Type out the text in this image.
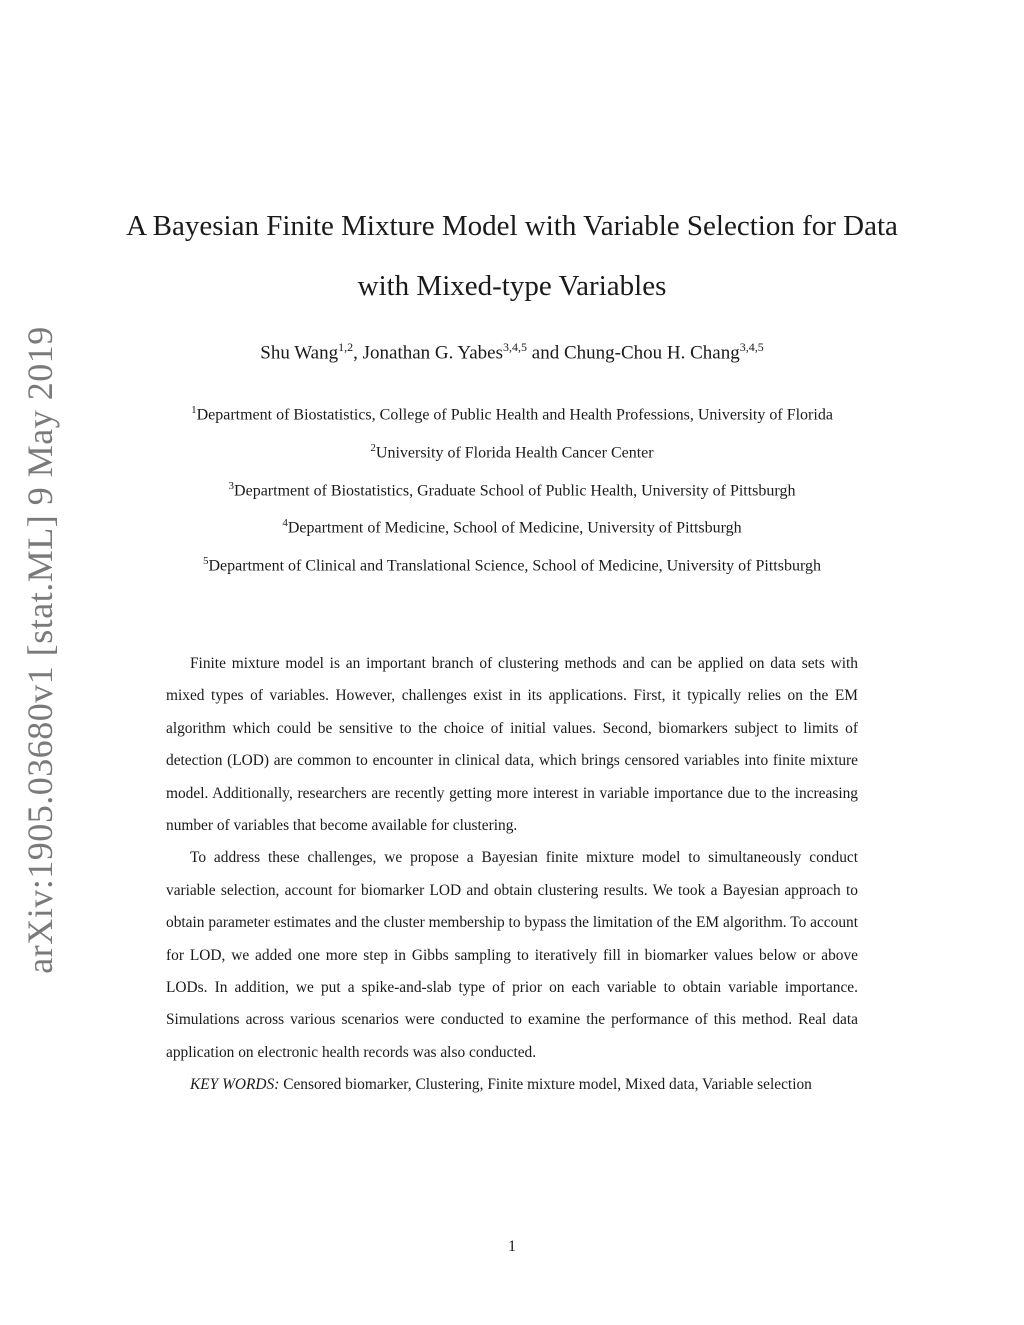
arXiv:1905.03680v1 [stat.ML] 9 May 2019
A Bayesian Finite Mixture Model with Variable Selection for Data
with Mixed-type Variables
Shu Wang$^{1,2}$, Jonathan G. Yabes$^{3,4,5}$ and Chung-Chou H. Chang$^{3,4,5}$
$^1$Department of Biostatistics, College of Public Health and Health Professions, University of Florida
$^2$University of Florida Health Cancer Center
$^3$Department of Biostatistics, Graduate School of Public Health, University of Pittsburgh
$^4$Department of Medicine, School of Medicine, University of Pittsburgh
$^5$Department of Clinical and Translational Science, School of Medicine, University of Pittsburgh

Finite mixture model is an important branch of clustering methods and can be applied on data sets with mixed types of variables. However, challenges exist in its applications. First, it typically relies on the EM algorithm which could be sensitive to the choice of initial values. Second, biomarkers subject to limits of detection (LOD) are common to encounter in clinical data, which brings censored variables into finite mixture model. Additionally, researchers are recently getting more interest in variable importance due to the increasing number of variables that become available for clustering.

To address these challenges, we propose a Bayesian finite mixture model to simultaneously conduct variable selection, account for biomarker LOD and obtain clustering results. We took a Bayesian approach to obtain parameter estimates and the cluster membership to bypass the limitation of the EM algorithm. To account for LOD, we added one more step in Gibbs sampling to iteratively fill in biomarker values below or above LODs. In addition, we put a spike-and-slab type of prior on each variable to obtain variable importance. Simulations across various scenarios were conducted to examine the performance of this method. Real data application on electronic health records was also conducted.

KEY WORDS: Censored biomarker, Clustering, Finite mixture model, Mixed data, Variable selection

1
